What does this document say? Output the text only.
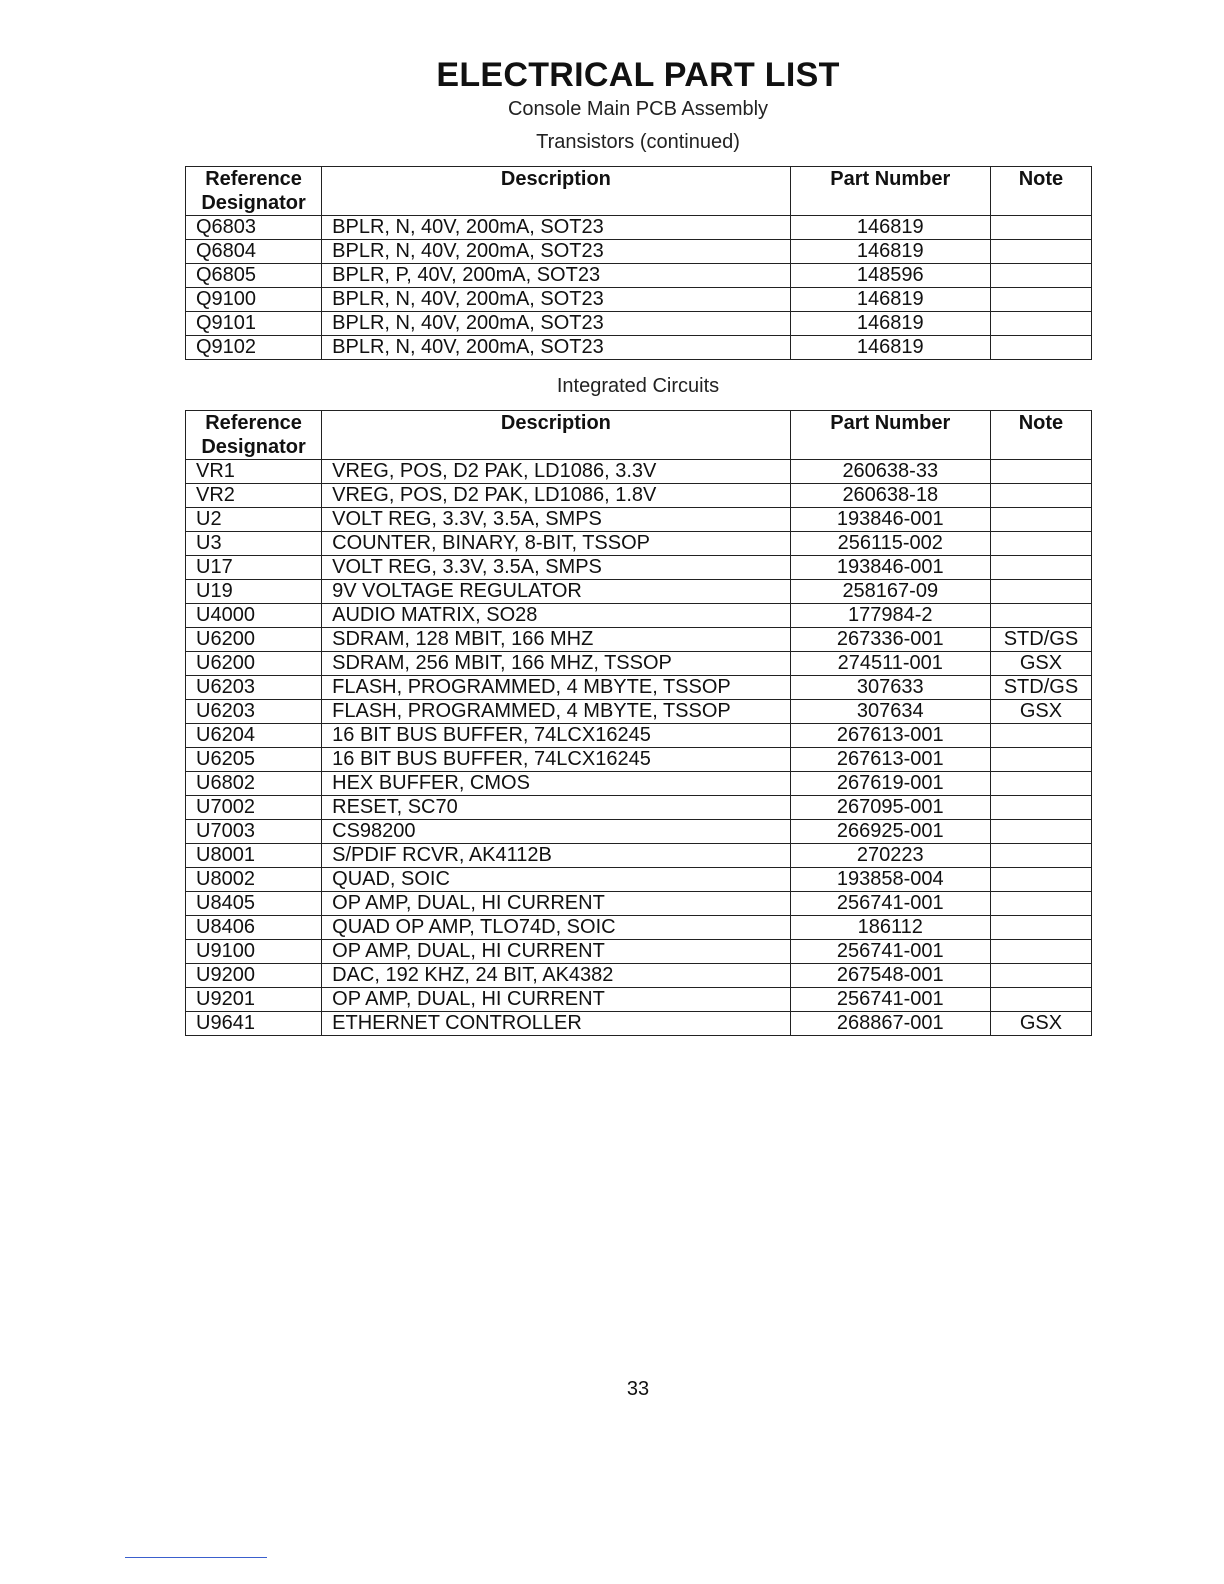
ELECTRICAL PART LIST
Console Main PCB Assembly
Transistors (continued)
Reference
Designator	Description	Part Number	Note
Q6803	BPLR, N, 40V, 200mA, SOT23	146819	
Q6804	BPLR, N, 40V, 200mA, SOT23	146819	
Q6805	BPLR, P, 40V, 200mA, SOT23	148596	
Q9100	BPLR, N, 40V, 200mA, SOT23	146819	
Q9101	BPLR, N, 40V, 200mA, SOT23	146819	
Q9102	BPLR, N, 40V, 200mA, SOT23	146819	
Integrated Circuits
Reference
Designator	Description	Part Number	Note
VR1	VREG, POS, D2 PAK, LD1086, 3.3V	260638-33	
VR2	VREG, POS, D2 PAK, LD1086, 1.8V	260638-18	
U2	VOLT REG, 3.3V, 3.5A, SMPS	193846-001	
U3	COUNTER, BINARY, 8-BIT, TSSOP	256115-002	
U17	VOLT REG, 3.3V, 3.5A, SMPS	193846-001	
U19	9V VOLTAGE REGULATOR	258167-09	
U4000	AUDIO MATRIX, SO28	177984-2	
U6200	SDRAM, 128 MBIT, 166 MHZ	267336-001	STD/GS
U6200	SDRAM, 256 MBIT, 166 MHZ, TSSOP	274511-001	GSX
U6203	FLASH, PROGRAMMED, 4 MBYTE, TSSOP	307633	STD/GS
U6203	FLASH, PROGRAMMED, 4 MBYTE, TSSOP	307634	GSX
U6204	16 BIT BUS BUFFER, 74LCX16245	267613-001	
U6205	16 BIT BUS BUFFER, 74LCX16245	267613-001	
U6802	HEX BUFFER, CMOS	267619-001	
U7002	RESET, SC70	267095-001	
U7003	CS98200	266925-001	
U8001	S/PDIF RCVR, AK4112B	270223	
U8002	QUAD, SOIC	193858-004	
U8405	OP AMP, DUAL, HI CURRENT	256741-001	
U8406	QUAD OP AMP, TLO74D, SOIC	186112	
U9100	OP AMP, DUAL, HI CURRENT	256741-001	
U9200	DAC, 192 KHZ, 24 BIT, AK4382	267548-001	
U9201	OP AMP, DUAL, HI CURRENT	256741-001	
U9641	ETHERNET CONTROLLER	268867-001	GSX
33
